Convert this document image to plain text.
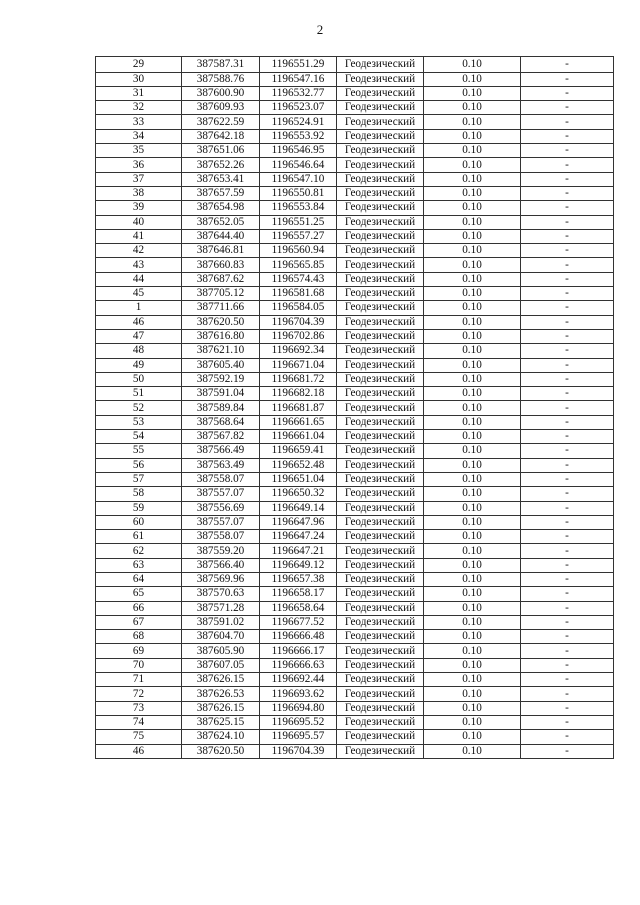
2
29	387587.31	1196551.29	Геодезический	0.10	-
30	387588.76	1196547.16	Геодезический	0.10	-
31	387600.90	1196532.77	Геодезический	0.10	-
32	387609.93	1196523.07	Геодезический	0.10	-
33	387622.59	1196524.91	Геодезический	0.10	-
34	387642.18	1196553.92	Геодезический	0.10	-
35	387651.06	1196546.95	Геодезический	0.10	-
36	387652.26	1196546.64	Геодезический	0.10	-
37	387653.41	1196547.10	Геодезический	0.10	-
38	387657.59	1196550.81	Геодезический	0.10	-
39	387654.98	1196553.84	Геодезический	0.10	-
40	387652.05	1196551.25	Геодезический	0.10	-
41	387644.40	1196557.27	Геодезический	0.10	-
42	387646.81	1196560.94	Геодезический	0.10	-
43	387660.83	1196565.85	Геодезический	0.10	-
44	387687.62	1196574.43	Геодезический	0.10	-
45	387705.12	1196581.68	Геодезический	0.10	-
1	387711.66	1196584.05	Геодезический	0.10	-
46	387620.50	1196704.39	Геодезический	0.10	-
47	387616.80	1196702.86	Геодезический	0.10	-
48	387621.10	1196692.34	Геодезический	0.10	-
49	387605.40	1196671.04	Геодезический	0.10	-
50	387592.19	1196681.72	Геодезический	0.10	-
51	387591.04	1196682.18	Геодезический	0.10	-
52	387589.84	1196681.87	Геодезический	0.10	-
53	387568.64	1196661.65	Геодезический	0.10	-
54	387567.82	1196661.04	Геодезический	0.10	-
55	387566.49	1196659.41	Геодезический	0.10	-
56	387563.49	1196652.48	Геодезический	0.10	-
57	387558.07	1196651.04	Геодезический	0.10	-
58	387557.07	1196650.32	Геодезический	0.10	-
59	387556.69	1196649.14	Геодезический	0.10	-
60	387557.07	1196647.96	Геодезический	0.10	-
61	387558.07	1196647.24	Геодезический	0.10	-
62	387559.20	1196647.21	Геодезический	0.10	-
63	387566.40	1196649.12	Геодезический	0.10	-
64	387569.96	1196657.38	Геодезический	0.10	-
65	387570.63	1196658.17	Геодезический	0.10	-
66	387571.28	1196658.64	Геодезический	0.10	-
67	387591.02	1196677.52	Геодезический	0.10	-
68	387604.70	1196666.48	Геодезический	0.10	-
69	387605.90	1196666.17	Геодезический	0.10	-
70	387607.05	1196666.63	Геодезический	0.10	-
71	387626.15	1196692.44	Геодезический	0.10	-
72	387626.53	1196693.62	Геодезический	0.10	-
73	387626.15	1196694.80	Геодезический	0.10	-
74	387625.15	1196695.52	Геодезический	0.10	-
75	387624.10	1196695.57	Геодезический	0.10	-
46	387620.50	1196704.39	Геодезический	0.10	-
